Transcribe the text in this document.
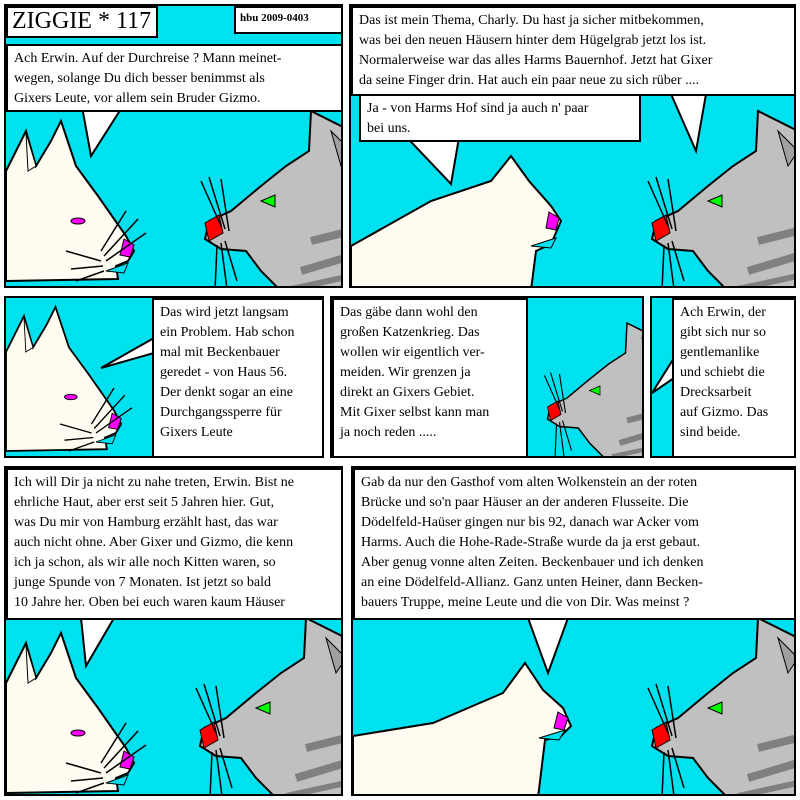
ZIGGIE * 117	hbu 2009-0403
Ach Erwin. Auf der Durchreise ? Mann meinet-
wegen, solange Du dich besser benimmst als
Gixers Leute, vor allem sein Bruder Gizmo.
Das ist mein Thema, Charly. Du hast ja sicher mitbekommen,
was bei den neuen Häusern hinter dem Hügelgrab jetzt los ist.
Normalerweise war das alles Harms Bauernhof. Jetzt hat Gixer
da seine Finger drin. Hat auch ein paar neue zu sich rüber ....
Ja - von Harms Hof sind ja auch n' paar
bei uns.
Das wird jetzt langsam
ein Problem. Hab schon
mal mit Beckenbauer
geredet - von Haus 56.
Der denkt sogar an eine
Durchgangssperre für
Gixers Leute
Das gäbe dann wohl den
großen Katzenkrieg. Das
wollen wir eigentlich ver-
meiden. Wir grenzen ja
direkt an Gixers Gebiet.
Mit Gixer selbst kann man
ja noch reden .....
Ach Erwin, der
gibt sich nur so
gentlemanlike
und schiebt die
Drecksarbeit
auf Gizmo. Das
sind beide.
Ich will Dir ja nicht zu nahe treten, Erwin. Bist ne
ehrliche Haut, aber erst seit 5 Jahren hier. Gut,
was Du mir von Hamburg erzählt hast, das war
auch nicht ohne. Aber Gixer und Gizmo, die kenn
ich ja schon, als wir alle noch Kitten waren, so
junge Spunde von 7 Monaten. Ist jetzt so bald
10 Jahre her. Oben bei euch waren kaum Häuser
Gab da nur den Gasthof vom alten Wolkenstein an der roten
Brücke und so'n paar Häuser an der anderen Flusseite. Die
Dödelfeld-Haüser gingen nur bis 92, danach war Acker vom
Harms. Auch die Hohe-Rade-Straße wurde da ja erst gebaut.
Aber genug vonne alten Zeiten. Beckenbauer und ich denken
an eine Dödelfeld-Allianz. Ganz unten Heiner, dann Becken-
bauers Truppe, meine Leute und die von Dir. Was meinst ?
